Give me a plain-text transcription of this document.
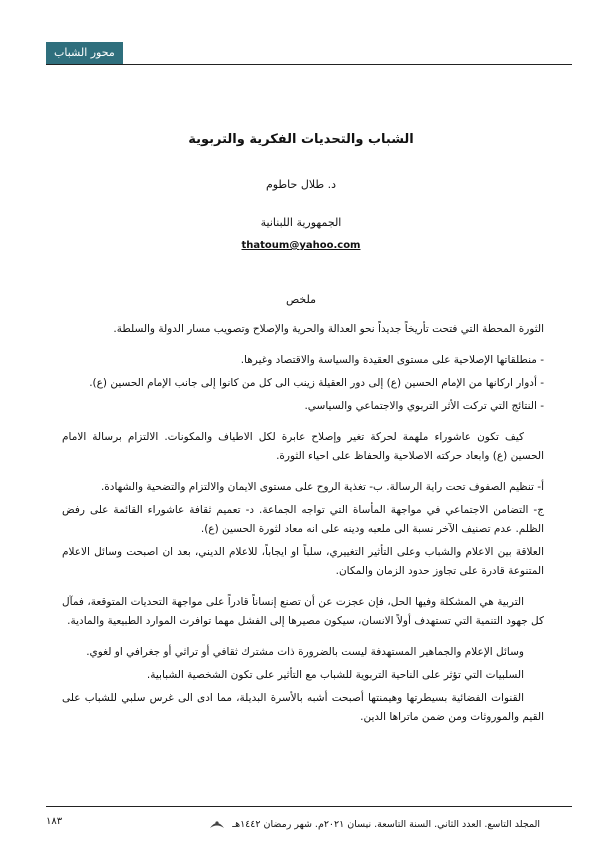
محور الشباب
الشباب والتحديات الفكرية والتربوية
د. طلال حاطوم
الجمهورية اللبنانية
thatoum@yahoo.com
ملخص

الثورة المحطة التي فتحت تأريخاً جديداً نحو العدالة والحرية والإصلاح وتصويب مسار الدولة والسلطة.

- منطلقاتها الإصلاحية على مستوى العقيدة والسياسة والاقتصاد وغيرها.

- أدوار اركانها من الإمام الحسين (ع) إلى دور العقيلة زينب الى كل من كانوا إلى جانب الإمام الحسين (ع).

- النتائج التي تركت الأثر التربوي والاجتماعي والسياسي.

كيف تكون عاشوراء ملهمة لحركة تغير وإصلاح عابرة لكل الاطياف والمكونات. الالتزام برسالة الامام الحسين (ع) وابعاد حركته الاصلاحية والحفاظ على احياء الثورة.

أ- تنظيم الصفوف تحت راية الرسالة. ب- تغذية الروح على مستوى الايمان والالتزام والتضحية والشهادة.

ج- التضامن الاجتماعي في مواجهة المأساة التي تواجه الجماعة. د- تعميم ثقافة عاشوراء القائمة على رفض الظلم. عدم تصنيف الآخر نسبة الى ملعبه ودينه على انه معاد لثورة الحسين (ع).

العلاقة بين الاعلام والشباب وعلى التأثير التغييري، سلباً او ايجاباً، للاعلام الديني، بعد ان اصبحت وسائل الاعلام المتنوعة قادرة على تجاوز حدود الزمان والمكان.

التربية هي المشكلة وفيها الحل، فإن عجزت عن أن تصنع إنساناً قادراً على مواجهة التحديات المتوقعة، فمآل كل جهود التنمية التي تستهدف أولاً الانسان، سيكون مصيرها إلى الفشل مهما توافرت الموارد الطبيعية والمادية.

وسائل الإعلام والجماهير المستهدفة ليست بالضرورة ذات مشترك ثقافي أو تراثي أو جغرافي او لغوي.

السلبيات التي تؤثر على الناحية التربوية للشباب مع التأثير على تكون الشخصية الشبابية.

القنوات الفضائية بسيطرتها وهيمنتها أصبحت أشبه بالأسرة البديلة، مما ادى الى غرس سلبي للشباب على القيم والموروثات ومن ضمن ماتراها الدين.

المجلد التاسع. العدد الثاني. السنة التاسعة. نيسان ٢٠٢١م. شهر رمضان ١٤٤٢هـ
١٨٣
